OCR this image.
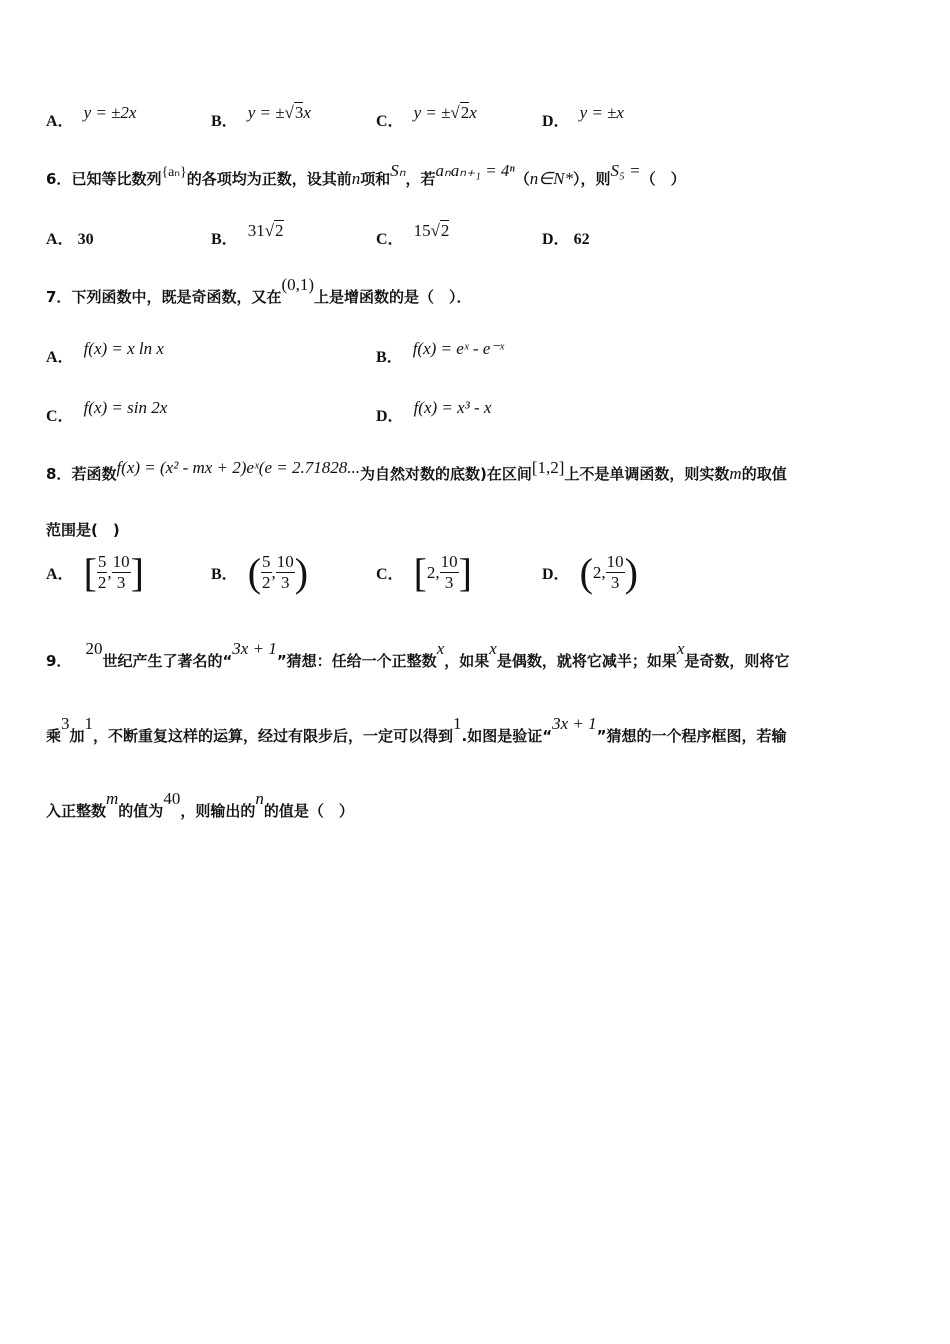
A． y = ±2x	B． y = ±√3x	C． y = ±√2x	D． y = ±x
6．已知等比数列{aₙ}的各项均为正数，设其前n项和Sₙ，若aₙaₙ₊₁ = 4ⁿ（n∈N*），则S₅ =（　）
A． 30	B． 31√2	C． 15√2	D． 62
7．下列函数中，既是奇函数，又在(0,1)上是增函数的是（　）．
A． f(x) = x ln x	B． f(x) = eˣ - e⁻ˣ
C． f(x) = sin 2x	D． f(x) = x³ - x
8．若函数f(x) = (x² - mx + 2)eˣ(e = 2.71828...为自然对数的底数)在区间[1,2]上不是单调函数，则实数m的取值
范围是(　)
A． [ $\frac{5}{2}$ , $\frac{10}{3}$ ]	B． ( $\frac{5}{2}$ , $\frac{10}{3}$ )	C． [ 2 , $\frac{10}{3}$ ]	D． ( 2 , $\frac{10}{3}$ )
9．20世纪产生了著名的“3x + 1”猜想：任给一个正整数x，如果x是偶数，就将它减半；如果x是奇数，则将它
乘3加1，不断重复这样的运算，经过有限步后，一定可以得到1.如图是验证“3x + 1”猜想的一个程序框图，若输
入正整数m的值为40，则输出的n的值是（　）
